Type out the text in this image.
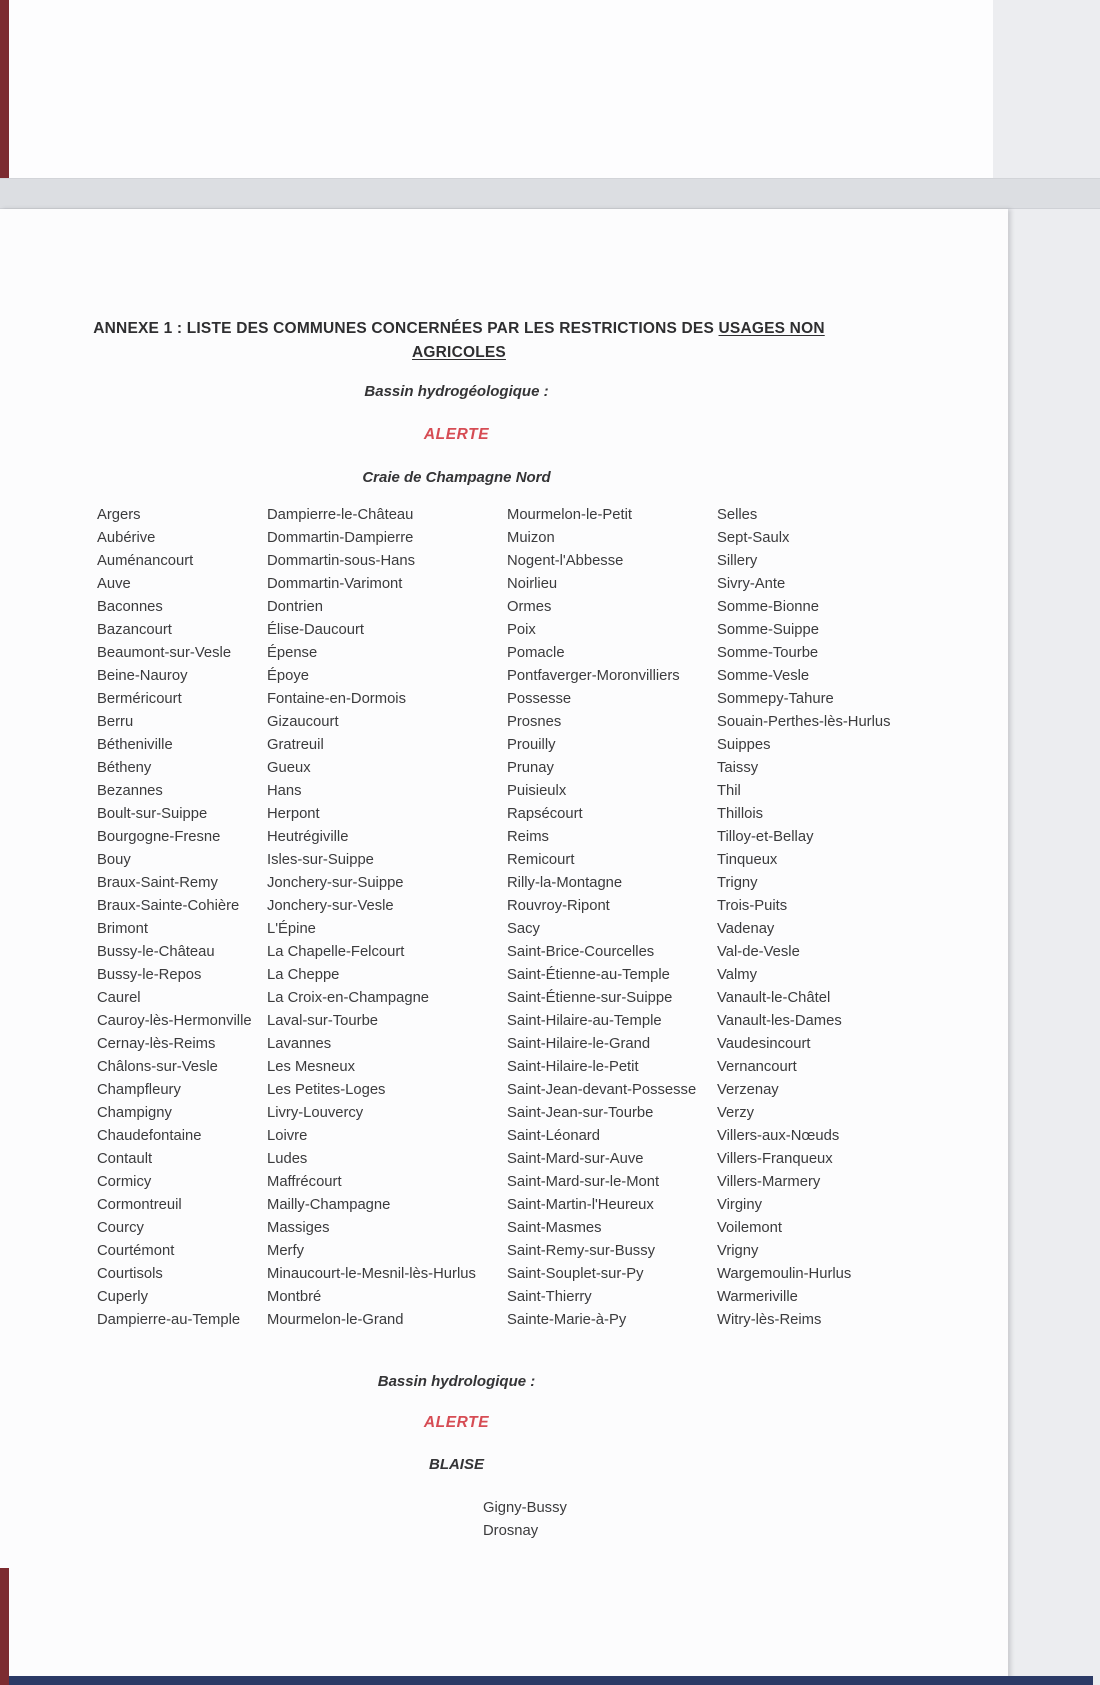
ANNEXE 1 : LISTE DES COMMUNES CONCERNÉES PAR LES RESTRICTIONS DES USAGES NON
AGRICOLES
Bassin hydrogéologique :
ALERTE
Craie de Champagne Nord
Argers
Aubérive
Auménancourt
Auve
Baconnes
Bazancourt
Beaumont-sur-Vesle
Beine-Nauroy
Berméricourt
Berru
Bétheniville
Bétheny
Bezannes
Boult-sur-Suippe
Bourgogne-Fresne
Bouy
Braux-Saint-Remy
Braux-Sainte-Cohière
Brimont
Bussy-le-Château
Bussy-le-Repos
Caurel
Cauroy-lès-Hermonville
Cernay-lès-Reims
Châlons-sur-Vesle
Champfleury
Champigny
Chaudefontaine
Contault
Cormicy
Cormontreuil
Courcy
Courtémont
Courtisols
Cuperly
Dampierre-au-Temple
Dampierre-le-Château
Dommartin-Dampierre
Dommartin-sous-Hans
Dommartin-Varimont
Dontrien
Élise-Daucourt
Épense
Époye
Fontaine-en-Dormois
Gizaucourt
Gratreuil
Gueux
Hans
Herpont
Heutrégiville
Isles-sur-Suippe
Jonchery-sur-Suippe
Jonchery-sur-Vesle
L'Épine
La Chapelle-Felcourt
La Cheppe
La Croix-en-Champagne
Laval-sur-Tourbe
Lavannes
Les Mesneux
Les Petites-Loges
Livry-Louvercy
Loivre
Ludes
Maffrécourt
Mailly-Champagne
Massiges
Merfy
Minaucourt-le-Mesnil-lès-Hurlus
Montbré
Mourmelon-le-Grand
Mourmelon-le-Petit
Muizon
Nogent-l'Abbesse
Noirlieu
Ormes
Poix
Pomacle
Pontfaverger-Moronvilliers
Possesse
Prosnes
Prouilly
Prunay
Puisieulx
Rapsécourt
Reims
Remicourt
Rilly-la-Montagne
Rouvroy-Ripont
Sacy
Saint-Brice-Courcelles
Saint-Étienne-au-Temple
Saint-Étienne-sur-Suippe
Saint-Hilaire-au-Temple
Saint-Hilaire-le-Grand
Saint-Hilaire-le-Petit
Saint-Jean-devant-Possesse
Saint-Jean-sur-Tourbe
Saint-Léonard
Saint-Mard-sur-Auve
Saint-Mard-sur-le-Mont
Saint-Martin-l'Heureux
Saint-Masmes
Saint-Remy-sur-Bussy
Saint-Souplet-sur-Py
Saint-Thierry
Sainte-Marie-à-Py
Selles
Sept-Saulx
Sillery
Sivry-Ante
Somme-Bionne
Somme-Suippe
Somme-Tourbe
Somme-Vesle
Sommepy-Tahure
Souain-Perthes-lès-Hurlus
Suippes
Taissy
Thil
Thillois
Tilloy-et-Bellay
Tinqueux
Trigny
Trois-Puits
Vadenay
Val-de-Vesle
Valmy
Vanault-le-Châtel
Vanault-les-Dames
Vaudesincourt
Vernancourt
Verzenay
Verzy
Villers-aux-Nœuds
Villers-Franqueux
Villers-Marmery
Virginy
Voilemont
Vrigny
Wargemoulin-Hurlus
Warmeriville
Witry-lès-Reims
Bassin hydrologique :
ALERTE
BLAISE
Gigny-Bussy
Drosnay
